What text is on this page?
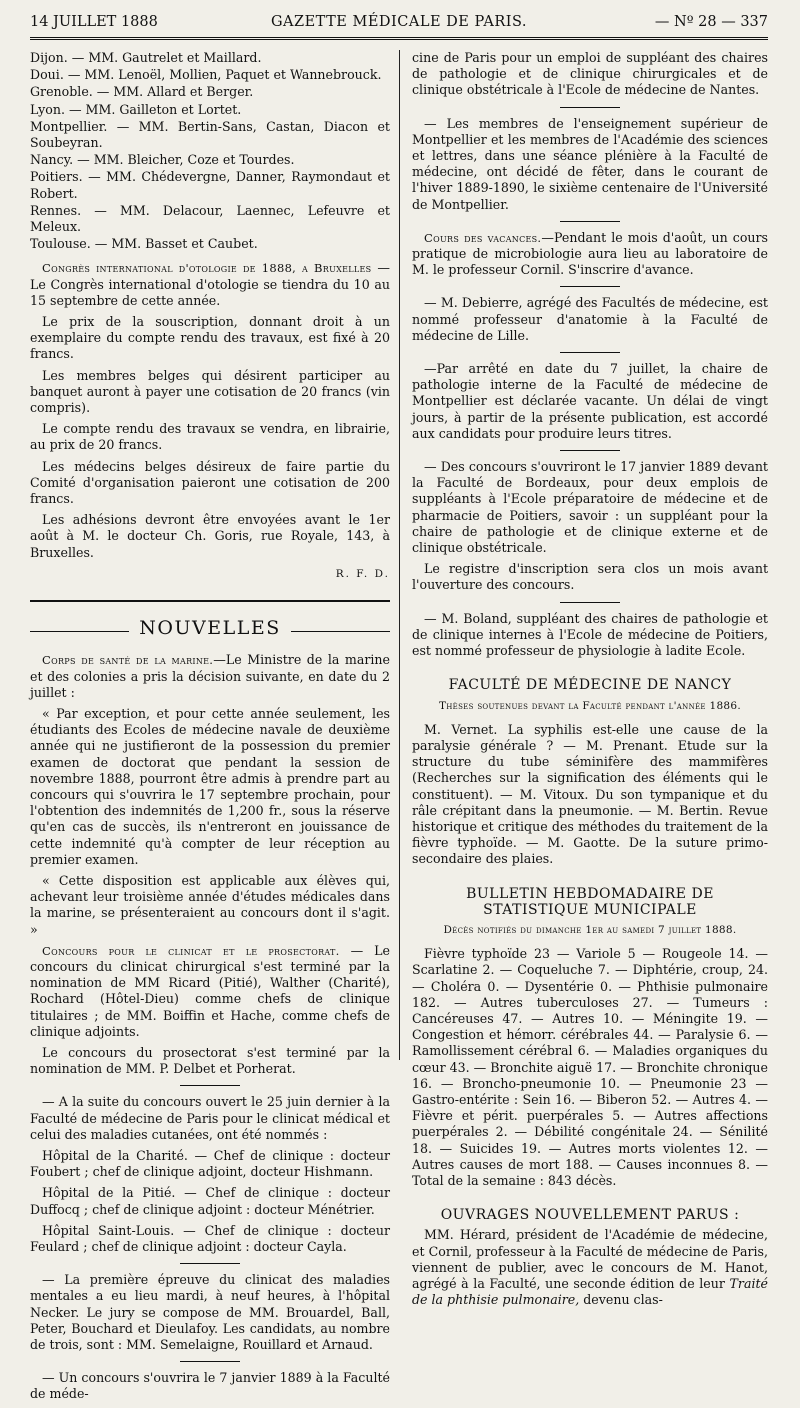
14 JUILLET 1888	GAZETTE MÉDICALE DE PARIS.	— Nº 28 — 337

Dijon. — MM. Gautrelet et Maillard.

Doui. — MM. Lenoël, Mollien, Paquet et Wannebrouck.

Grenoble. — MM. Allard et Berger.

Lyon. — MM. Gailleton et Lortet.

Montpellier. — MM. Bertin-Sans, Castan, Diacon et Soubeyran.

Nancy. — MM. Bleicher, Coze et Tourdes.

Poitiers. — MM. Chédevergne, Danner, Raymondaut et Robert.

Rennes. — MM. Delacour, Laennec, Lefeuvre et Meleux.

Toulouse. — MM. Basset et Caubet.

Congrès international d'otologie de 1888, a Bruxelles — Le Congrès international d'otologie se tiendra du 10 au 15 septembre de cette année.

Le prix de la souscription, donnant droit à un exemplaire du compte rendu des travaux, est fixé à 20 francs.

Les membres belges qui désirent participer au banquet auront à payer une cotisation de 20 francs (vin compris).

Le compte rendu des travaux se vendra, en librairie, au prix de 20 francs.

Les médecins belges désireux de faire partie du Comité d'organisation paieront une cotisation de 200 francs.

Les adhésions devront être envoyées avant le 1er août à M. le docteur Ch. Goris, rue Royale, 143, à Bruxelles.

R. F. D.
NOUVELLES

Corps de santé de la marine.—Le Ministre de la marine et des colonies a pris la décision suivante, en date du 2 juillet :

« Par exception, et pour cette année seulement, les étudiants des Ecoles de médecine navale de deuxième année qui ne justifieront de la possession du premier examen de doctorat que pendant la session de novembre 1888, pourront être admis à prendre part au concours qui s'ouvrira le 17 septembre prochain, pour l'obtention des indemnités de 1,200 fr., sous la réserve qu'en cas de succès, ils n'entreront en jouissance de cette indemnité qu'à compter de leur réception au premier examen.

« Cette disposition est applicable aux élèves qui, achevant leur troisième année d'études médicales dans la marine, se présenteraient au concours dont il s'agit. »

Concours pour le clinicat et le prosectorat. — Le concours du clinicat chirurgical s'est terminé par la nomination de MM Ricard (Pitié), Walther (Charité), Rochard (Hôtel-Dieu) comme chefs de clinique titulaires ; de MM. Boiffin et Hache, comme chefs de clinique adjoints.

Le concours du prosectorat s'est terminé par la nomination de MM. P. Delbet et Porherat.

— A la suite du concours ouvert le 25 juin dernier à la Faculté de médecine de Paris pour le clinicat médical et celui des maladies cutanées, ont été nommés :

Hôpital de la Charité. — Chef de clinique : docteur Foubert ; chef de clinique adjoint, docteur Hishmann.

Hôpital de la Pitié. — Chef de clinique : docteur Duffocq ; chef de clinique adjoint : docteur Ménétrier.

Hôpital Saint-Louis. — Chef de clinique : docteur Feulard ; chef de clinique adjoint : docteur Cayla.

— La première épreuve du clinicat des maladies mentales a eu lieu mardi, à neuf heures, à l'hôpital Necker. Le jury se compose de MM. Brouardel, Ball, Peter, Bouchard et Dieulafoy. Les candidats, au nombre de trois, sont : MM. Semelaigne, Rouillard et Arnaud.

— Un concours s'ouvrira le 7 janvier 1889 à la Faculté de méde-

cine de Paris pour un emploi de suppléant des chaires de pathologie et de clinique chirurgicales et de clinique obstétricale à l'Ecole de médecine de Nantes.

— Les membres de l'enseignement supérieur de Montpellier et les membres de l'Académie des sciences et lettres, dans une séance plénière à la Faculté de médecine, ont décidé de fêter, dans le courant de l'hiver 1889-1890, le sixième centenaire de l'Université de Montpellier.

Cours des vacances.—Pendant le mois d'août, un cours pratique de microbiologie aura lieu au laboratoire de M. le professeur Cornil. S'inscrire d'avance.

— M. Debierre, agrégé des Facultés de médecine, est nommé professeur d'anatomie à la Faculté de médecine de Lille.

—Par arrêté en date du 7 juillet, la chaire de pathologie interne de la Faculté de médecine de Montpellier est déclarée vacante. Un délai de vingt jours, à partir de la présente publication, est accordé aux candidats pour produire leurs titres.

— Des concours s'ouvriront le 17 janvier 1889 devant la Faculté de Bordeaux, pour deux emplois de suppléants à l'Ecole préparatoire de médecine et de pharmacie de Poitiers, savoir : un suppléant pour la chaire de pathologie et de clinique externe et de clinique obstétricale.

Le registre d'inscription sera clos un mois avant l'ouverture des concours.

— M. Boland, suppléant des chaires de pathologie et de clinique internes à l'Ecole de médecine de Poitiers, est nommé professeur de physiologie à ladite Ecole.

FACULTÉ DE MÉDECINE DE NANCY
Thèses soutenues devant la Faculté pendant l'année 1886.

M. Vernet. La syphilis est-elle une cause de la paralysie générale ? — M. Prenant. Etude sur la structure du tube séminifère des mammifères (Recherches sur la signification des éléments qui le constituent). — M. Vitoux. Du son tympanique et du râle crépitant dans la pneumonie. — M. Bertin. Revue historique et critique des méthodes du traitement de la fièvre typhoïde. — M. Gaotte. De la suture primo-secondaire des plaies.

BULLETIN HEBDOMADAIRE DE STATISTIQUE MUNICIPALE
Décès notifiés du dimanche 1er au samedi 7 juillet 1888.

Fièvre typhoïde 23 — Variole 5 — Rougeole 14. — Scarlatine 2. — Coqueluche 7. — Diphtérie, croup, 24. — Choléra 0. — Dysentérie 0. — Phthisie pulmonaire 182. — Autres tuberculoses 27. — Tumeurs : Cancéreuses 47. — Autres 10. — Méningite 19. — Congestion et hémorr. cérébrales 44. — Paralysie 6. — Ramollissement cérébral 6. — Maladies organiques du cœur 43. — Bronchite aiguë 17. — Bronchite chronique 16. — Broncho-pneumonie 10. — Pneumonie 23 — Gastro-entérite : Sein 16. — Biberon 52. — Autres 4. — Fièvre et périt. puerpérales 5. — Autres affections puerpérales 2. — Débilité congénitale 24. — Sénilité 18. — Suicides 19. — Autres morts violentes 12. — Autres causes de mort 188. — Causes inconnues 8. — Total de la semaine : 843 décès.

OUVRAGES NOUVELLEMENT PARUS :

MM. Hérard, président de l'Académie de médecine, et Cornil, professeur à la Faculté de médecine de Paris, viennent de publier, avec le concours de M. Hanot, agrégé à la Faculté, une seconde édition de leur Traité de la phthisie pulmonaire, devenu clas-
